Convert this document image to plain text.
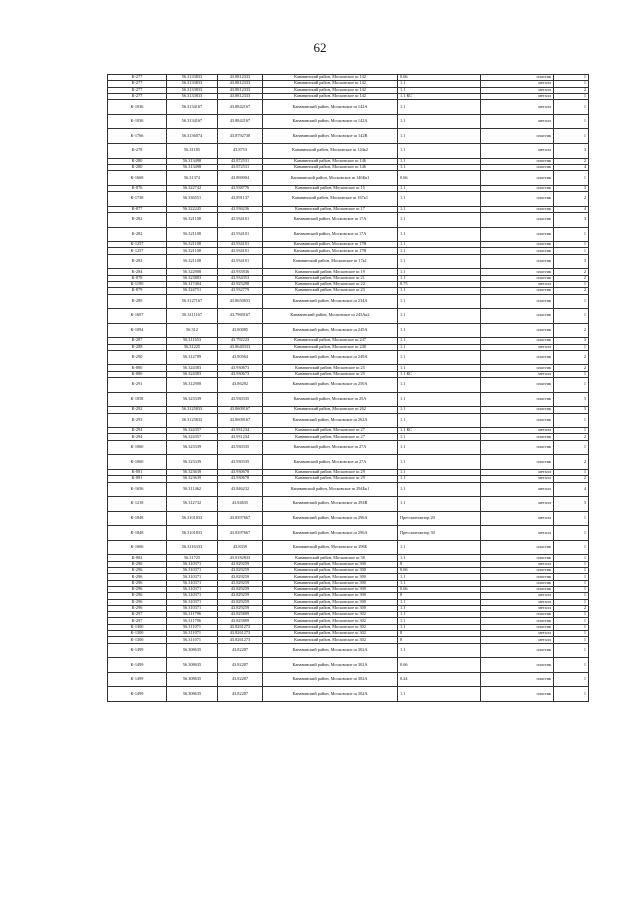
62
К-277	56.3133833	43.8812333	Канавинский район, Московское ш 142	0.66	пластик	1
К-277	56.3133833	43.8812333	Канавинский район, Московское ш 142	1.1	металл	1
К-277	56.3133833	43.8812333	Канавинский район, Московское ш 142	1.1	металл	2
К-277	56.3133833	43.8812333	Канавинский район, Московское ш 142	1.1 КС	металл	1
К-1036	56.3134167	43.8842167	Канавинский район, Московское ш 142А	1.1	металл	1
К-1036	56.3134167	43.8842167	Канавинский район, Московское ш 142А	1.1	металл	1
К-1766	56.3136074	43.8792738	Канавинский район, Московское ш 142В	1.1	пластик	1
К-278	56.31185	43.8753	Канавинский район, Московское ш 144к2	1.1	металл	3
К-280	56.313498	43.872531	Канавинский район, Московское ш 146	1.1	пластик	2
К-280	56.313498	43.872531	Канавинский район, Московское ш 146	1.1	пластик	4
К-1668	56.31374	43.869004	Канавинский район, Московское ш 146Бк1	0.66	пластик	1
К-876	56.322742	43.938776	Канавинский район, Московское ш 15	1.1	пластик	3
К-1738	56.336551	43.891137	Канавинский район, Московское ш 167к1	1.1	пластик	2
К-877	56.322245	43.936236	Канавинский район, Московское ш 17	1.1	пластик	4
К-282	56.321108	43.934101	Канавинский район, Московское ш 17А	1.1	пластик	3
К-282	56.321108	43.934101	Канавинский район, Московское ш 17А	1.1	пластик	1
К-1257	56.321108	43.934101	Канавинский район, Московское ш 17В	1.1	пластик	1
К-1257	56.321108	43.934101	Канавинский район, Московское ш 17В	1.1	пластик	1
К-283	56.321108	43.934101	Канавинский район, Московское ш 17к1	1.1	пластик	3
К-284	56.322908	43.935836	Канавинский район, Московское ш 19	1.1	пластик	2
К-878	56.323883	43.934353	Канавинский район, Московское ш 21	1.1	пластик	2
К-1190	56.317404	43.925298	Канавинский район, Московское ш 22	0.75	металл	1
К-879	56.324751	43.932779	Канавинский район, Московское ш 23	1.1	пластик	2
К-289	56.3127167	43.8650833	Канавинский район, Московское ш 234А	1.1	пластик	1
К-1607	56.3111167	43.7969167	Канавинский район, Московское ш 243Ак2	1.1	пластик	1
К-1094	56.312	43.80085	Канавинский район, Московское ш 245А	1.1	пластик	2
К-287	56.311653	43.792223	Канавинский район, Московское ш 247	1.1	пластик	3
К-288	56.31225	43.8640333	Канавинский район, Московское ш 248	1.1	металл	1
К-290	56.312789	43.80564	Канавинский район, Московское ш 249А	1.1	пластик	2
К-880	56.324383	43.930673	Канавинский район, Московское ш 25	1.1	пластик	2
К-880	56.324383	43.930673	Канавинский район, Московское ш 25	1.1 КС	металл	1
К-291	56.312908	43.86292	Канавинский район, Московское ш 250А	1.1	пластик	1
К-1058	56.323339	43.930335	Канавинский район, Московское ш 25А	1.1	пластик	3
К-292	56.3125833	43.8609167	Канавинский район, Московское ш 262	1.1	пластик	3
К-293	56.3125833	43.8609167	Канавинский район, Московское ш 262А	1.1	пластик	1
К-294	56.324357	43.931234	Канавинский район, Московское ш 27	1.1 КС	металл	1
К-294	56.324357	43.931234	Канавинский район, Московское ш 27	1.1	пластик	2
К-1060	56.323339	43.930335	Канавинский район, Московское ш 27А	1.1	пластик	1
К-1060	56.323339	43.930335	Канавинский район, Московское ш 27А	1.1	пластик	2
К-881	56.323639	43.930678	Канавинский район, Московское ш 29	1.1	металл	1
К-881	56.323639	43.930678	Канавинский район, Московское ш 29	1.1	металл	2
К-1656	56.311462	43.846232	Канавинский район, Московское ш 294Бк1	1.1	металл	4
К-1218	56.312732	43.84635	Канавинский район, Московское ш 294В	1.1	металл	3
К-1848	56.3101833	43.8397667	Канавинский район, Московское ш 296А	Прессконтактор 20	металл	1
К-1848	56.3101833	43.8397667	Канавинский район, Московское ш 296А	Прессконтактор 30	металл	1
К-1606	56.3116333	43.8339	Канавинский район, Московское ш 296Б	1.1	пластик	1
К-882	56.31725	43.9182833	Канавинский район, Московское ш 30	1.1	пластик	1
К-296	56.310371	43.829259	Канавинский район, Московское ш 300	8	металл	1
К-296	56.310371	43.829259	Канавинский район, Московское ш 300	0.66	пластик	1
К-296	56.310371	43.829259	Канавинский район, Московское ш 300	1.1	пластик	1
К-296	56.310371	43.829259	Канавинский район, Московское ш 300	1.1	пластик	1
К-296	56.310371	43.829259	Канавинский район, Московское ш 300	0.66	пластик	1
К-296	56.310371	43.829259	Канавинский район, Московское ш 300	8	металл	1
К-296	56.310371	43.829259	Канавинский район, Московское ш 300	1.1	металл	1
К-296	56.310371	43.829259	Канавинский район, Московское ш 300	1.1	металл	2
К-297	56.311796	43.825809	Канавинский район, Московское ш 302	1.1	пластик	1
К-297	56.311796	43.825809	Канавинский район, Московское ш 302	1.1	пластик	1
К-1300	56.311071	43.8261273	Канавинский район, Московское ш 302	1.1	пластик	1
К-1300	56.311071	43.8261273	Канавинский район, Московское ш 302	8	металл	1
К-1300	56.311071	43.8261273	Канавинский район, Московское ш 302	8	металл	1
К-1499	56.308635	43.82287	Канавинский район, Московское ш 302А	1.1	пластик	1
К-1499	56.308635	43.82287	Канавинский район, Московское ш 302А	0.66	пластик	1
К-1499	56.308635	43.82287	Канавинский район, Московское ш 302А	0.24	пластик	1
К-1499	56.308635	43.82287	Канавинский район, Московское ш 302А	1.1	пластик	1
